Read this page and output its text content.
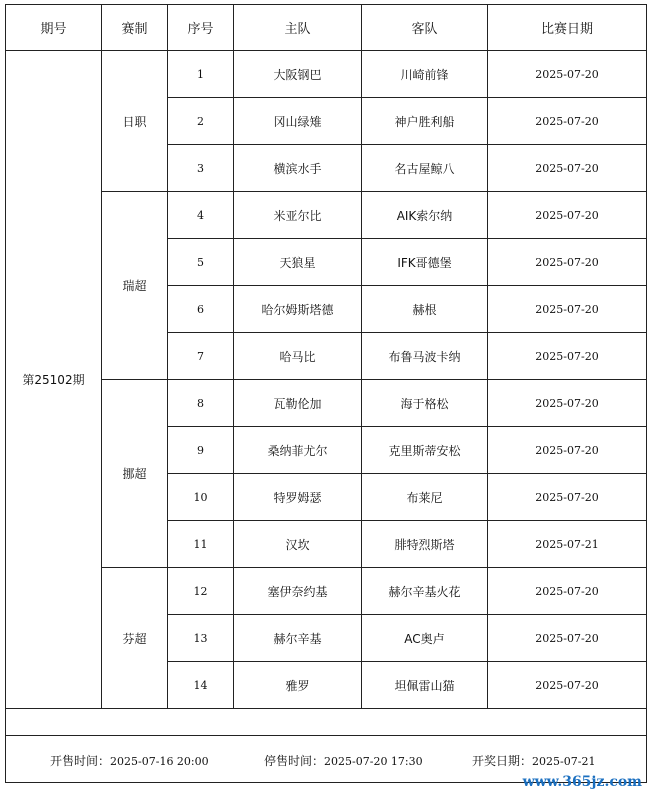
期号	赛制	序号	主队	客队	比赛日期
第25102期	日职	1	大阪钢巴	川崎前锋	2025-07-20
		2	冈山绿雉	神户胜利船	2025-07-20
		3	横滨水手	名古屋鲸八	2025-07-20
	瑞超	4	米亚尔比	AIK索尔纳	2025-07-20
		5	天狼星	IFK哥德堡	2025-07-20
		6	哈尔姆斯塔德	赫根	2025-07-20
		7	哈马比	布鲁马波卡纳	2025-07-20
	挪超	8	瓦勒伦加	海于格松	2025-07-20
		9	桑纳菲尤尔	克里斯蒂安松	2025-07-20
		10	特罗姆瑟	布莱尼	2025-07-20
		11	汉坎	腓特烈斯塔	2025-07-21
	芬超	12	塞伊奈约基	赫尔辛基火花	2025-07-20
		13	赫尔辛基	AC奥卢	2025-07-20
		14	雅罗	坦佩雷山猫	2025-07-20

开售时间：2025-07-16 20:00 停售时间：2025-07-20 17:30 开奖日期：2025-07-21					
www.365jz.com
